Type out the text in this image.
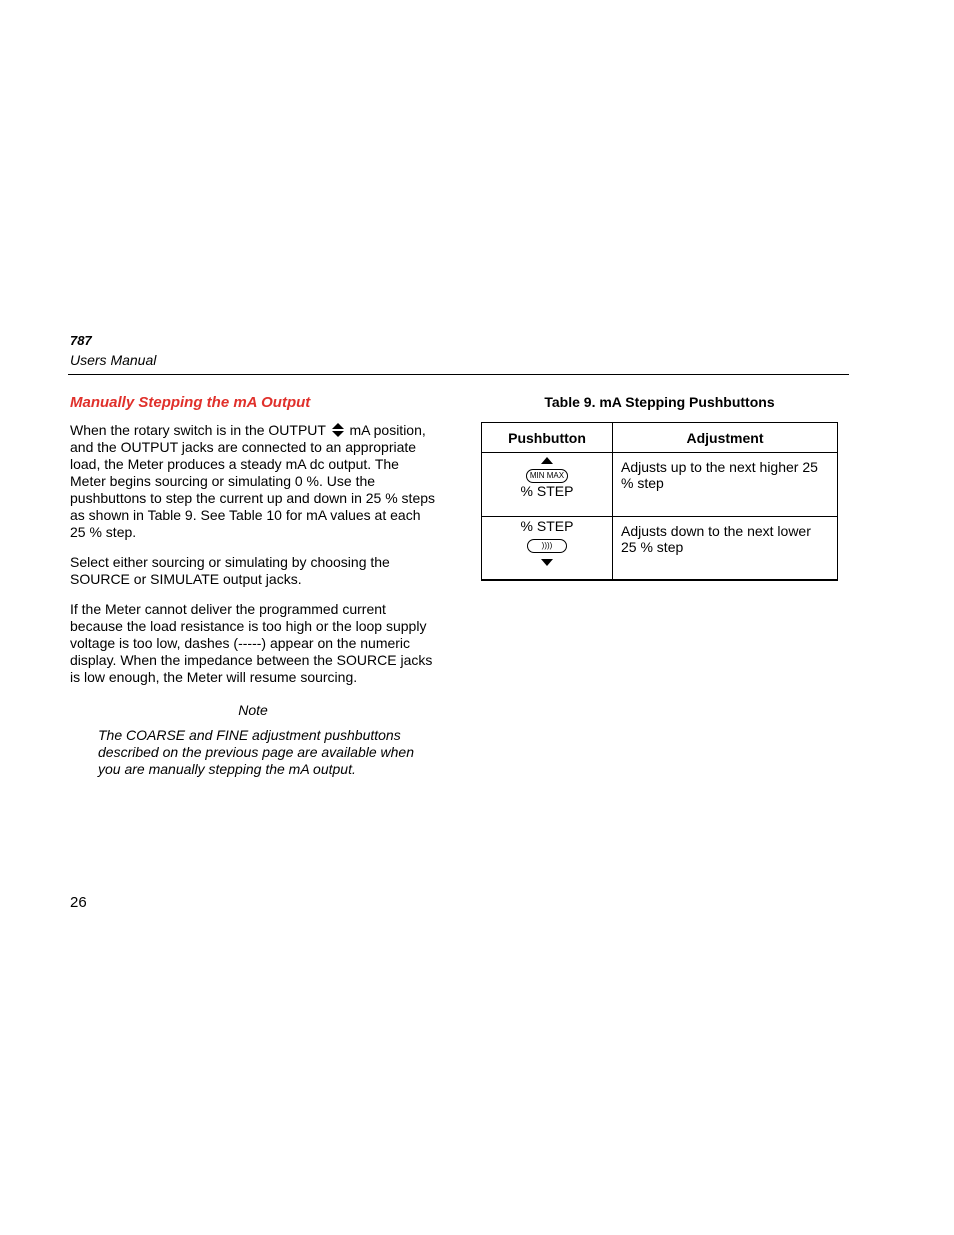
787
Users Manual
Manually Stepping the mA Output
When the rotary switch is in the OUTPUT  mA position, and the OUTPUT jacks are connected to an appropriate load, the Meter produces a steady mA dc output. The Meter begins sourcing or simulating 0 %. Use the pushbuttons to step the current up and down in 25 % steps as shown in Table 9. See Table 10 for mA values at each 25 % step.
Select either sourcing or simulating by choosing the SOURCE or SIMULATE output jacks.
If the Meter cannot deliver the programmed current because the load resistance is too high or the loop supply voltage is too low, dashes (-----) appear on the numeric display. When the impedance between the SOURCE jacks is low enough, the Meter will resume sourcing.
Note
The COARSE and FINE adjustment pushbuttons described on the previous page are available when you are manually stepping the mA output.
26
Table 9. mA Stepping Pushbuttons
Pushbutton	Adjustment

MIN MAX
% STEP	Adjusts up to the next higher 25 % step

% STEP
))))	Adjusts down to the next lower 25 % step
